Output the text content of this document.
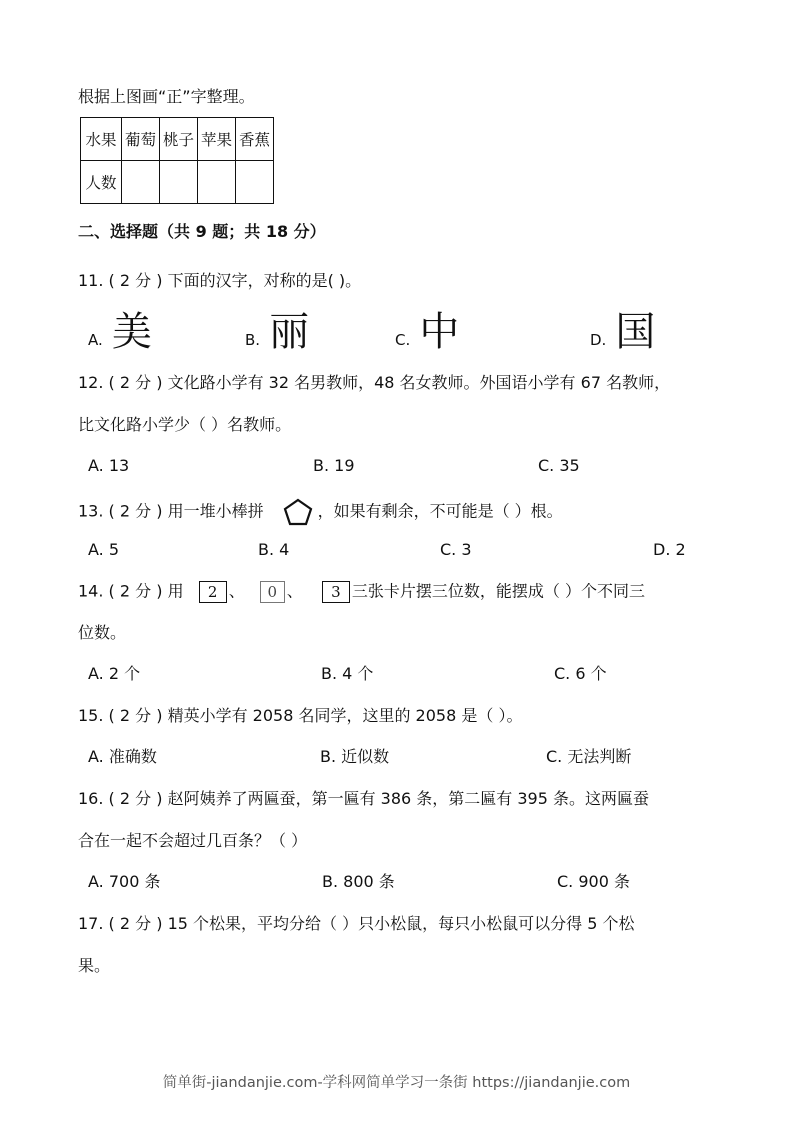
根据上图画“正”字整理。
水果	葡萄	桃子	苹果	香蕉
人数				
二、选择题（共 9 题；共 18 分）
11. ( 2 分 ) 下面的汉字，对称的是( )。
A. 美	B. 丽	C. 中	D. 国
12. ( 2 分 ) 文化路小学有 32 名男教师，48 名女教师。外国语小学有 67 名教师，
比文化路小学少（ ）名教师。
A. 13	B. 19	C. 35
13. ( 2 分 ) 用一堆小棒拼	，如果有剩余，不可能是（ ）根。
A. 5	B. 4	C. 3	D. 2
14. ( 2 分 ) 用 2 、 0 、 3 三张卡片摆三位数，能摆成（ ）个不同三
位数。
A. 2 个	B. 4 个	C. 6 个
15. ( 2 分 ) 精英小学有 2058 名同学，这里的 2058 是（ ）。
A. 准确数	B. 近似数	C. 无法判断
16. ( 2 分 ) 赵阿姨养了两匾蚕，第一匾有 386 条，第二匾有 395 条。这两匾蚕
合在一起不会超过几百条？（ ）
A. 700 条	B. 800 条	C. 900 条
17. ( 2 分 ) 15 个松果，平均分给（ ）只小松鼠，每只小松鼠可以分得 5 个松
果。
简单街-jiandanjie.com-学科网简单学习一条街 https://jiandanjie.com
